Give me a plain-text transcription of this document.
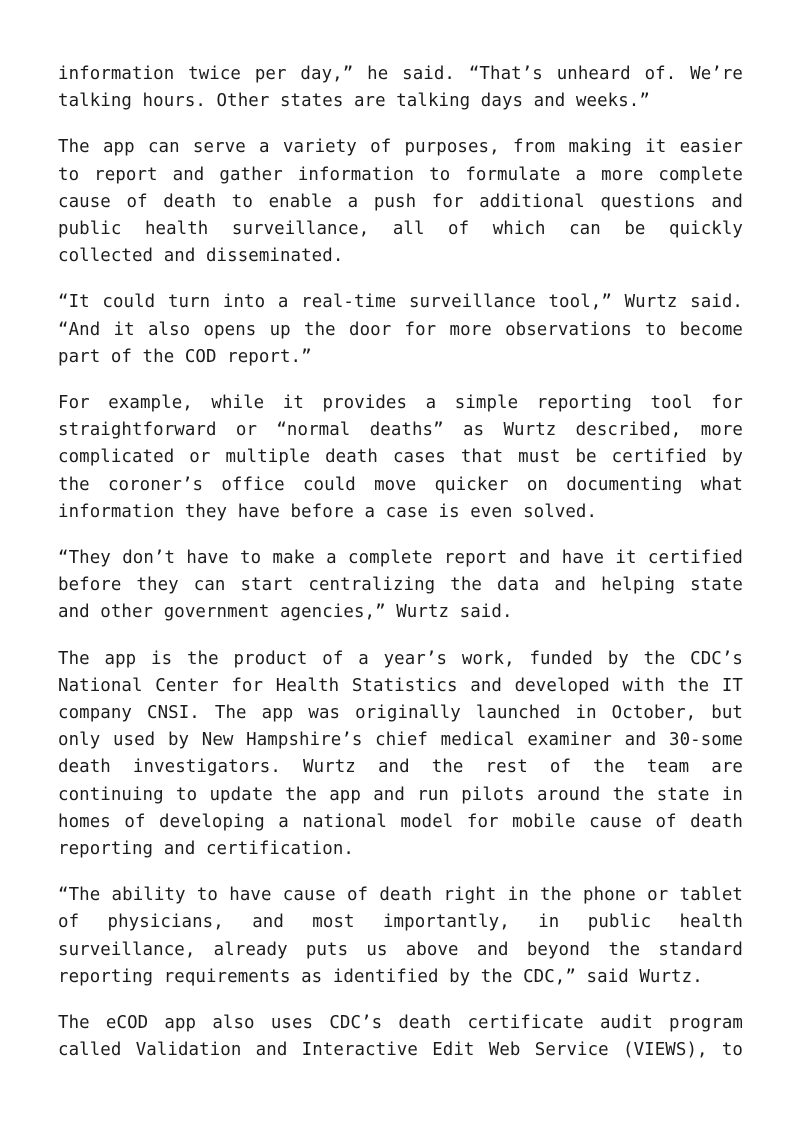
information twice per day,” he said. “That’s unheard of. We’re talking hours. Other states are talking days and weeks.”

The app can serve a variety of purposes, from making it easier to report and gather information to formulate a more complete cause of death to enable a push for additional questions and public health surveillance, all of which can be quickly collected and disseminated.

“It could turn into a real-time surveillance tool,” Wurtz said. “And it also opens up the door for more observations to become part of the COD report.”

For example, while it provides a simple reporting tool for straightforward or “normal deaths” as Wurtz described, more complicated or multiple death cases that must be certified by the coroner’s office could move quicker on documenting what information they have before a case is even solved.

“They don’t have to make a complete report and have it certified before they can start centralizing the data and helping state and other government agencies,” Wurtz said.

The app is the product of a year’s work, funded by the CDC’s National Center for Health Statistics and developed with the IT company CNSI. The app was originally launched in October, but only used by New Hampshire’s chief medical examiner and 30-some death investigators. Wurtz and the rest of the team are continuing to update the app and run pilots around the state in homes of developing a national model for mobile cause of death reporting and certification.

“The ability to have cause of death right in the phone or tablet of physicians, and most importantly, in public health surveillance, already puts us above and beyond the standard reporting requirements as identified by the CDC,” said Wurtz.

The eCOD app also uses CDC’s death certificate audit program called Validation and Interactive Edit Web Service (VIEWS), to
